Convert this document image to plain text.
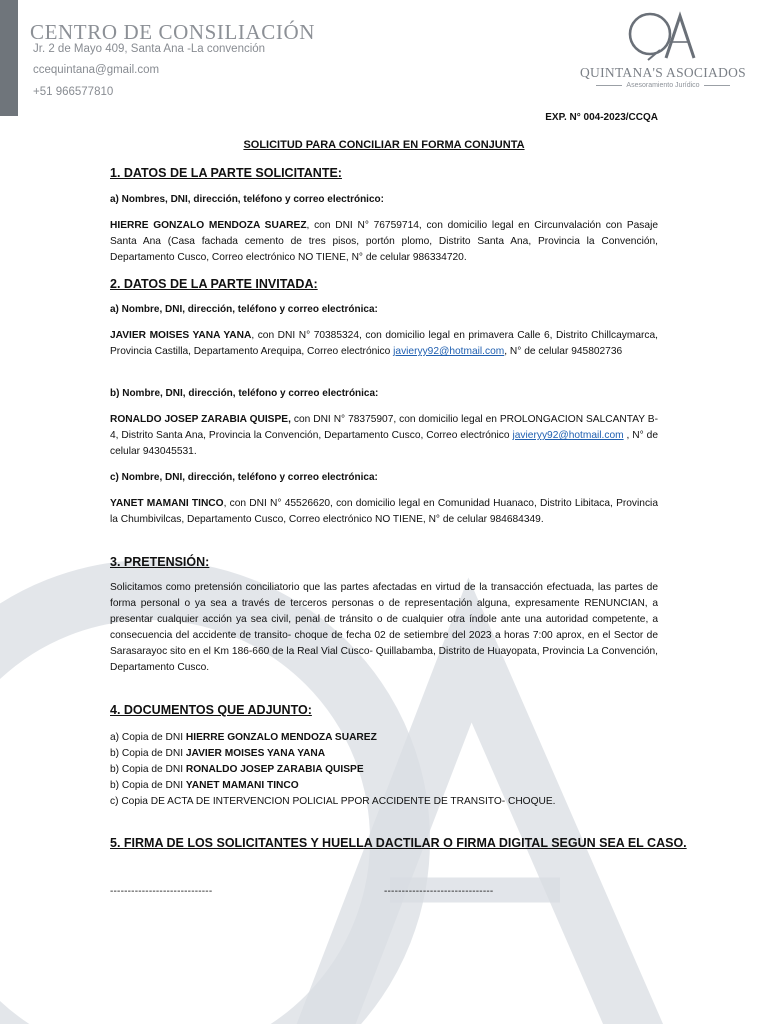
CENTRO DE CONSILIACIÓN
Jr. 2 de Mayo 409, Santa Ana -La convención
ccequintana@gmail.com
+51 966577810
QUINTANA'S ASOCIADOS
Asesoramiento Jurídico
EXP. N° 004-2023/CCQA
SOLICITUD PARA CONCILIAR EN FORMA CONJUNTA
1. DATOS DE LA PARTE SOLICITANTE:
a) Nombres, DNI, dirección, teléfono y correo electrónico:
HIERRE GONZALO MENDOZA SUAREZ, con DNI N° 76759714, con domicilio legal en Circunvalación con Pasaje Santa Ana (Casa fachada cemento de tres pisos, portón plomo, Distrito Santa Ana, Provincia la Convención, Departamento Cusco, Correo electrónico NO TIENE, N° de celular 986334720.
2. DATOS DE LA PARTE INVITADA:
a) Nombre, DNI, dirección, teléfono y correo electrónica:
JAVIER MOISES YANA YANA, con DNI N° 70385324, con domicilio legal en primavera Calle 6, Distrito Chillcaymarca, Provincia Castilla, Departamento Arequipa, Correo electrónico javieryy92@hotmail.com, N° de celular 945802736
b) Nombre, DNI, dirección, teléfono y correo electrónica:
RONALDO JOSEP ZARABIA QUISPE, con DNI N° 78375907, con domicilio legal en PROLONGACION SALCANTAY B-4, Distrito Santa Ana, Provincia la Convención, Departamento Cusco, Correo electrónico javieryy92@hotmail.com , N° de celular 943045531.
c) Nombre, DNI, dirección, teléfono y correo electrónica:
YANET MAMANI TINCO, con DNI N° 45526620, con domicilio legal en Comunidad Huanaco, Distrito Libitaca, Provincia la Chumbivilcas, Departamento Cusco, Correo electrónico NO TIENE, N° de celular 984684349.
3. PRETENSIÓN:
Solicitamos como pretensión conciliatorio que las partes afectadas en virtud de la transacción efectuada, las partes de forma personal o ya sea a través de terceros personas o de representación alguna, expresamente RENUNCIAN, a presentar cualquier acción ya sea civil, penal de tránsito o de cualquier otra índole ante una autoridad competente, a consecuencia del accidente de transito- choque de fecha 02 de setiembre del 2023 a horas 7:00 aprox, en el Sector de Sarasarayoc sito en el Km 186-660 de la Real Vial Cusco- Quillabamba, Distrito de Huayopata, Provincia La Convención, Departamento Cusco.
4. DOCUMENTOS QUE ADJUNTO:
a) Copia de DNI HIERRE GONZALO MENDOZA SUAREZ
b) Copia de DNI JAVIER MOISES YANA YANA
b) Copia de DNI RONALDO JOSEP ZARABIA QUISPE
b) Copia de DNI YANET MAMANI TINCO
c) Copia DE ACTA DE INTERVENCION POLICIAL PPOR ACCIDENTE DE TRANSITO- CHOQUE.
5. FIRMA DE LOS SOLICITANTES Y HUELLA DACTILAR O FIRMA DIGITAL SEGUN SEA EL CASO.
-----------------------------	-------------------------------
